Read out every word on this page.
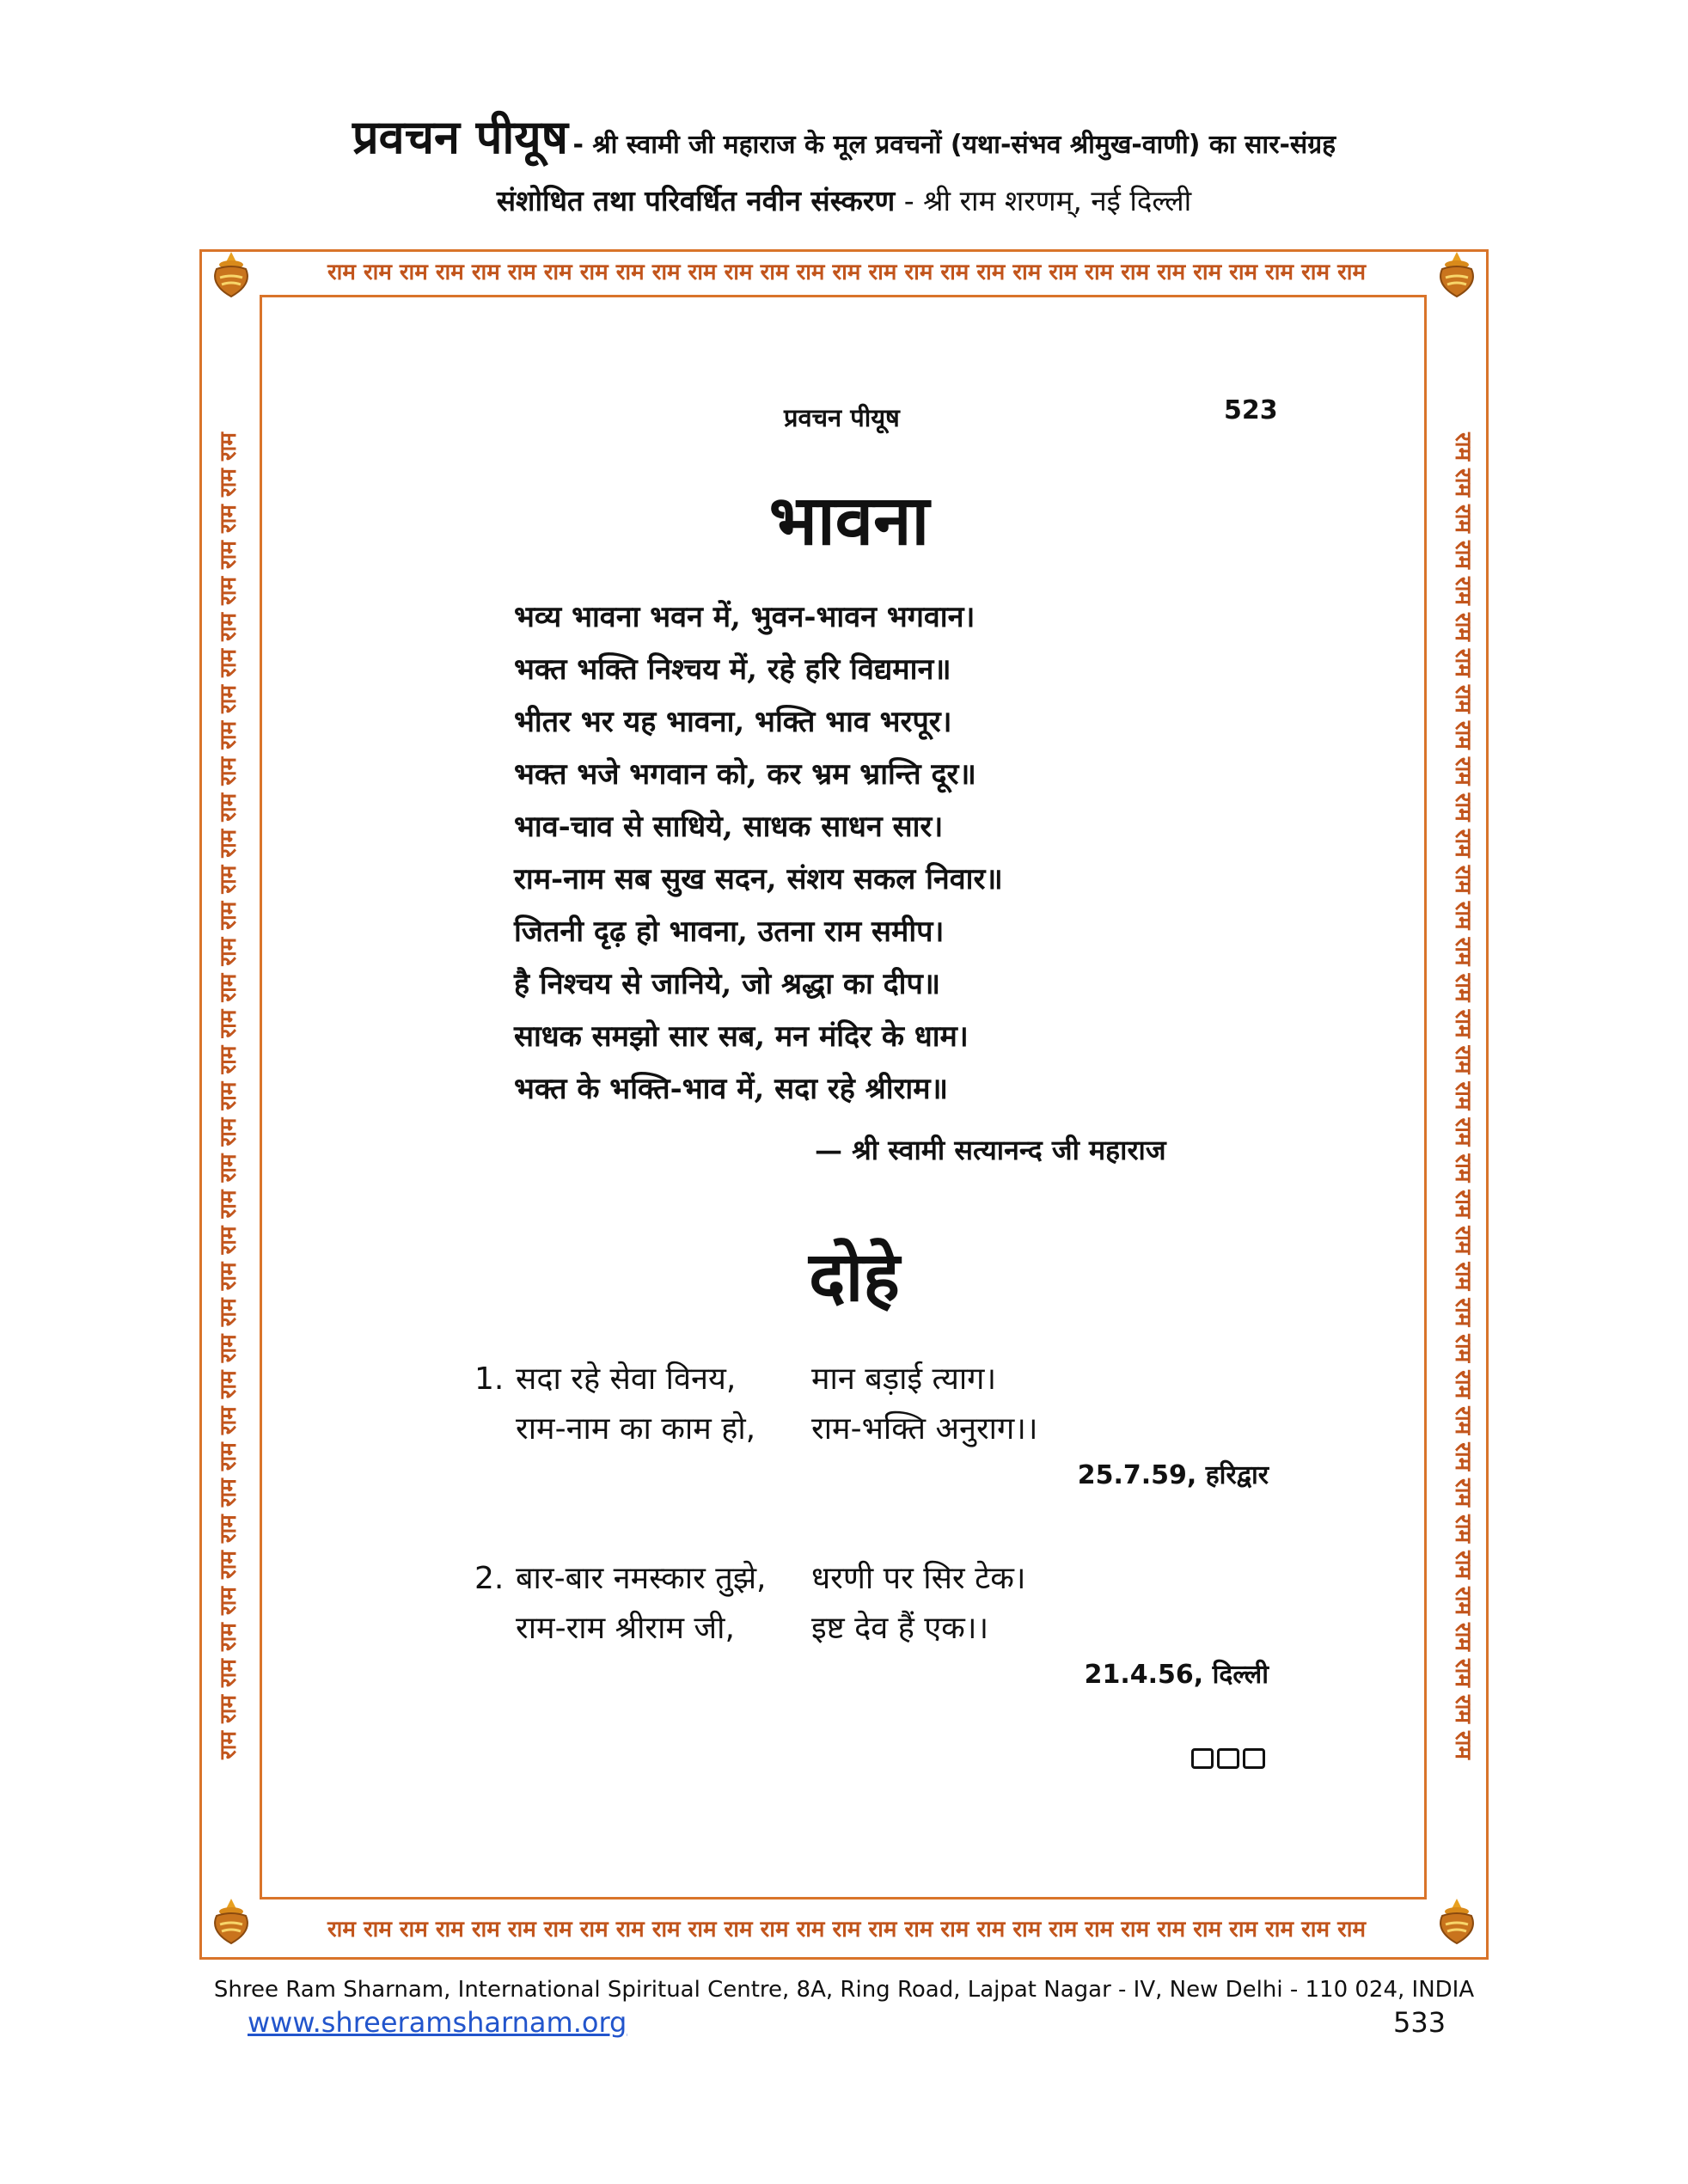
प्रवचन पीयूष - श्री स्वामी जी महाराज के मूल प्रवचनों (यथा-संभव श्रीमुख-वाणी) का सार-संग्रह
संशोधित तथा परिवर्धित नवीन संस्करण - श्री राम शरणम्, नई दिल्ली
राम राम राम राम राम राम राम राम राम राम राम राम राम राम राम राम राम राम राम राम राम राम राम राम राम राम राम राम राम
राम राम राम राम राम राम राम राम राम राम राम राम राम राम राम राम राम राम राम राम राम राम राम राम राम राम राम राम राम
राम राम राम राम राम राम राम राम राम राम राम राम राम राम राम राम राम राम राम राम राम राम राम राम राम राम राम राम राम राम राम राम राम राम राम राम राम	राम राम राम राम राम राम राम राम राम राम राम राम राम राम राम राम राम राम राम राम राम राम राम राम राम राम राम राम राम राम राम राम राम राम राम राम राम
प्रवचन पीयूष	523
भावना
भव्य भावना भवन में, भुवन-भावन भगवान।
भक्त भक्ति निश्चय में, रहे हरि विद्यमान॥
भीतर भर यह भावना, भक्ति भाव भरपूर।
भक्त भजे भगवान को, कर भ्रम भ्रान्ति दूर॥
भाव-चाव से साधिये, साधक साधन सार।
राम-नाम सब सुख सदन, संशय सकल निवार॥
जितनी दृढ़ हो भावना, उतना राम समीप।
है निश्चय से जानिये, जो श्रद्धा का दीप॥
साधक समझो सार सब, मन मंदिर के धाम।
भक्त के भक्ति-भाव में, सदा रहे श्रीराम॥
— श्री स्वामी सत्यानन्द जी महाराज
दोहे
1. सदा रहे सेवा विनय, मान बड़ाई त्याग।
राम-नाम का काम हो, राम-भक्ति अनुराग।।
25.7.59, हरिद्वार
2. बार-बार नमस्कार तुझे, धरणी पर सिर टेक।
राम-राम श्रीराम जी, इष्ट देव हैं एक।।
21.4.56, दिल्ली
Shree Ram Sharnam, International Spiritual Centre, 8A, Ring Road, Lajpat Nagar - IV, New Delhi - 110 024, INDIA
www.shreeramsharnam.org	533
